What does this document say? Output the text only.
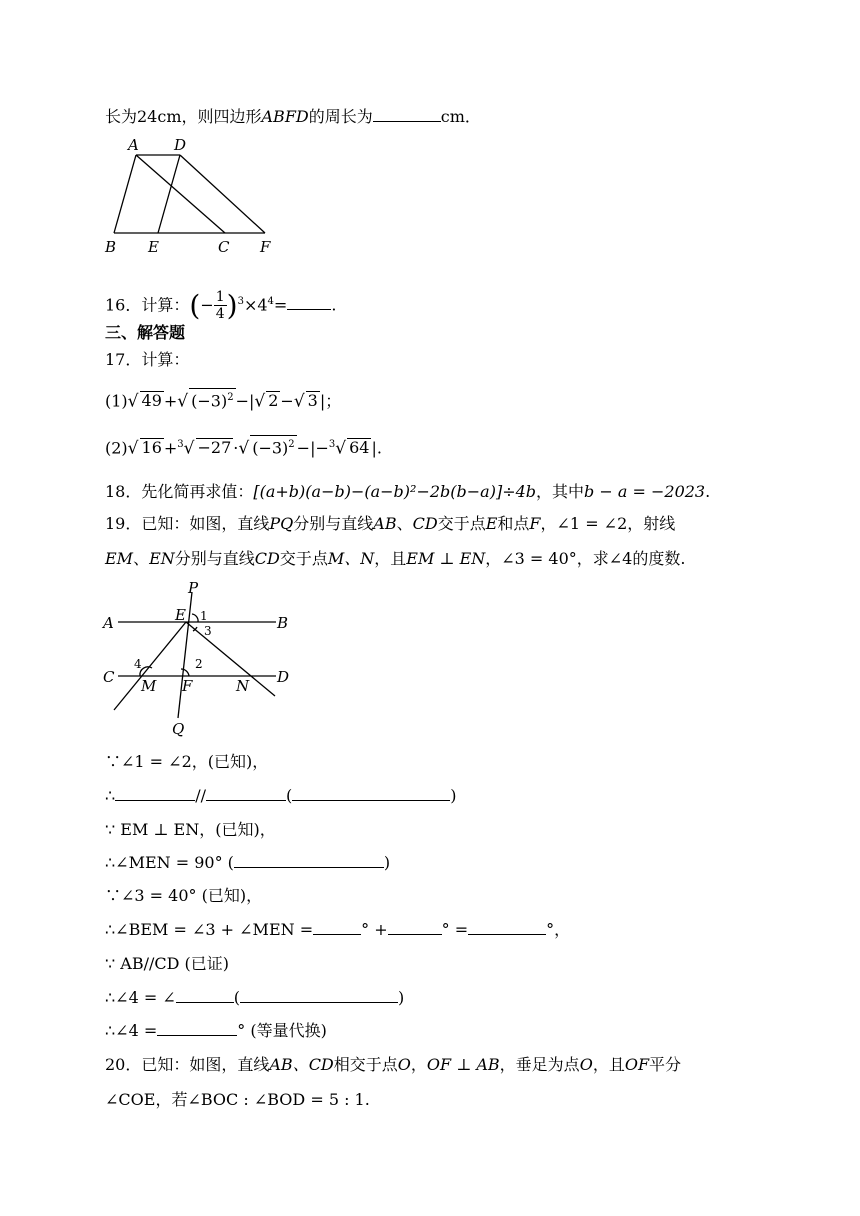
长为24cm，则四边形ABFD的周长为	cm．
A D
B E	C F
16．计算：(− $\frac{1}{4} )^3\times 4^4=$	.
三、解答题
17．计算：
(1)√ 49 +√ $(-3)^2$ −|√ 2 −√ 3 |；
(2)√ 16 +$^3$√ −27 ·√ $(-3)^2 -|-^3√$ 64 |.
18．先化简再求值：[(a+b)(a−b)−(a−b)²−2b(b−a)]÷4b，其中b − a = −2023.
19．已知：如图，直线PQ分别与直线AB、CD交于点E和点F，∠1 = ∠2，射线
EM、EN分别与直线CD交于点M、N，且EM ⊥ EN，∠3 = 40°，求∠4的度数.
P
A	B
E 1
3
4	2
C	D
M F	N
Q
∵∠1 = ∠2，(已知)，
∴	//	(	)
∵ EM ⊥ EN，(已知)，
∴∠MEN = 90° (	)
∵∠3 = 40° (已知)，
∴∠BEM = ∠3 + ∠MEN =	° +	° =	°，
∵ AB//CD (已证)
∴∠4 = ∠	(	)
∴∠4 =	° (等量代换)
20．已知：如图，直线AB、CD相交于点O，OF ⊥ AB，垂足为点O，且OF平分
∠COE，若∠BOC : ∠BOD = 5 : 1.
